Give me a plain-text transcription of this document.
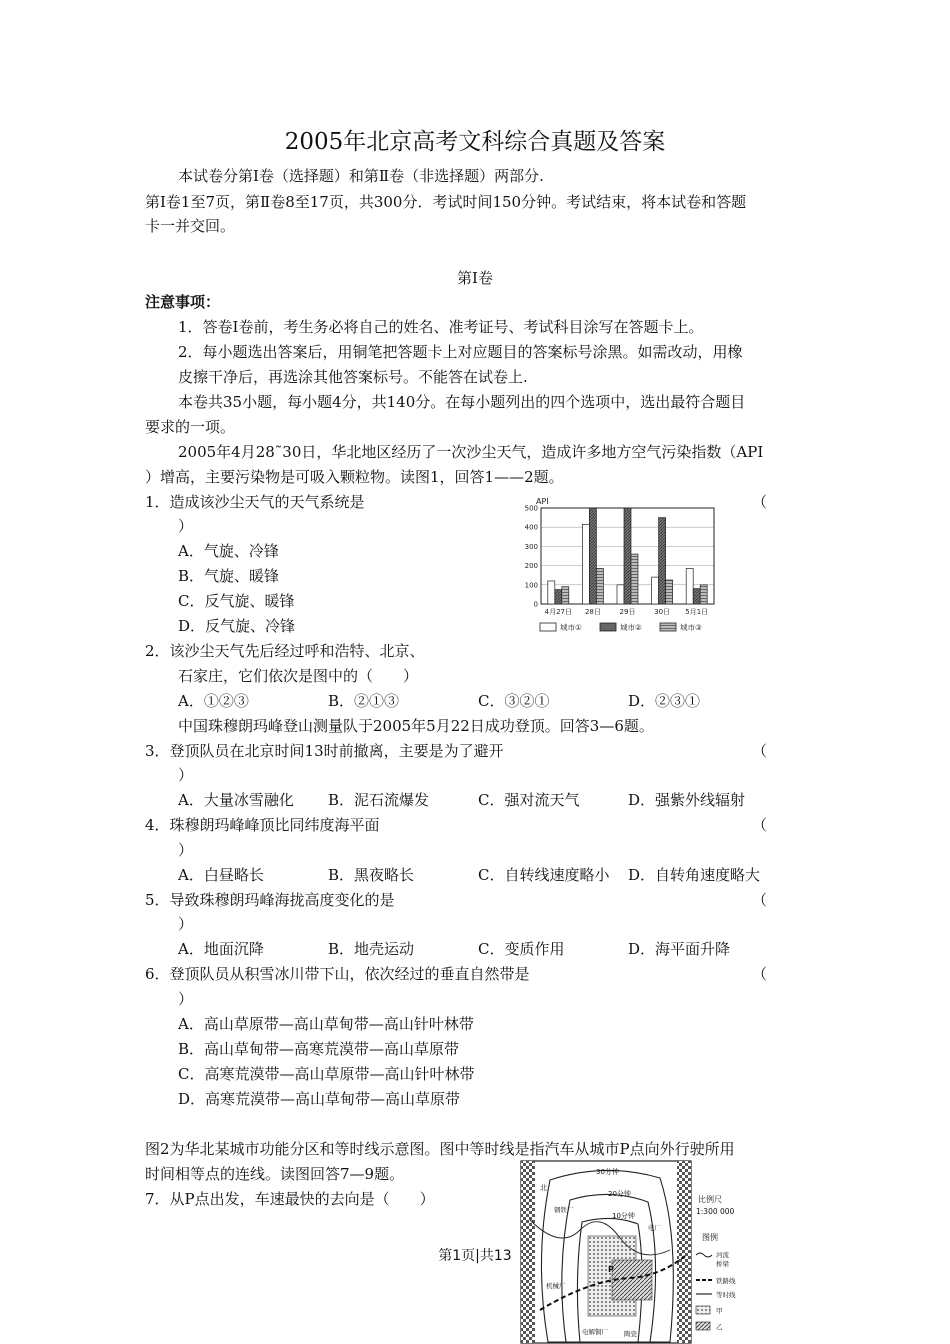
2005年北京高考文科综合真题及答案
本试卷分第Ⅰ卷（选择题）和第Ⅱ卷（非选择题）两部分.
第Ⅰ卷1至7页，第Ⅱ卷8至17页，共300分．考试时间150分钟。考试结束，将本试卷和答题
卡一并交回。
第Ⅰ卷
注意事项：
1．答卷Ⅰ卷前，考生务必将自己的姓名、准考证号、考试科目涂写在答题卡上。
2．每小题选出答案后，用铜笔把答题卡上对应题目的答案标号涂黑。如需改动，用橡
皮擦干净后，再选涂其他答案标号。不能答在试卷上.
本卷共35小题，每小题4分，共140分。在每小题列出的四个选项中，选出最符合题目
要求的一项。
2005年4月28˜30日，华北地区经历了一次沙尘天气，造成许多地方空气污染指数（API
）增高，主要污染物是可吸入颗粒物。读图1，回答1——2题。
1．造成该沙尘天气的天气系统是	（
）
A．气旋、冷锋
B．气旋、暖锋
C．反气旋、暖锋
D．反气旋、冷锋
API
0
100
200
300
400
500
4月27日 28日	29日	30日 5月1日
城市①	城市②	城市③
2．该沙尘天气先后经过呼和浩特、北京、
石家庄，它们依次是图中的（　　）
A．①②③	B．②①③	C．③②①	D．②③①
中国珠穆朗玛峰登山测量队于2005年5月22日成功登顶。回答3—6题。
3．登顶队员在北京时间13时前撤离，主要是为了避开	（
）
A．大量冰雪融化 B．泥石流爆发	C．强对流天气	D．强紫外线辐射
4．珠穆朗玛峰峰顶比同纬度海平面	（
）
A．白昼略长	B．黑夜略长	C．自转线速度略小 D．自转角速度略大
5．导致珠穆朗玛峰海拢高度变化的是	（
）
A．地面沉降	B．地壳运动	C．变质作用	D．海平面升降
6．登顶队员从积雪冰川带下山，依次经过的垂直自然带是	（
）
A．高山草原带—高山草甸带—高山针叶林带
B．高山草甸带—高寒荒漠带—高山草原带
C．高寒荒漠带—高山草原带—高山针叶林带
D．高寒荒漠带—高山草甸带—高山草原带
图2为华北某城市功能分区和等时线示意图。图中等时线是指汽车从城市P点向外行驶所用
时间相等点的连线。读图回答7—9题。
7．从P点出发，车速最快的去向是（　　）
30分钟
20分钟
10分钟
北
钢铁厂
机械厂
电厂
电解铜厂 陶瓷
P
比例尺
1:300 000
图例
河流
桥梁
铁路线
等时线
甲
乙
第1页|共13
